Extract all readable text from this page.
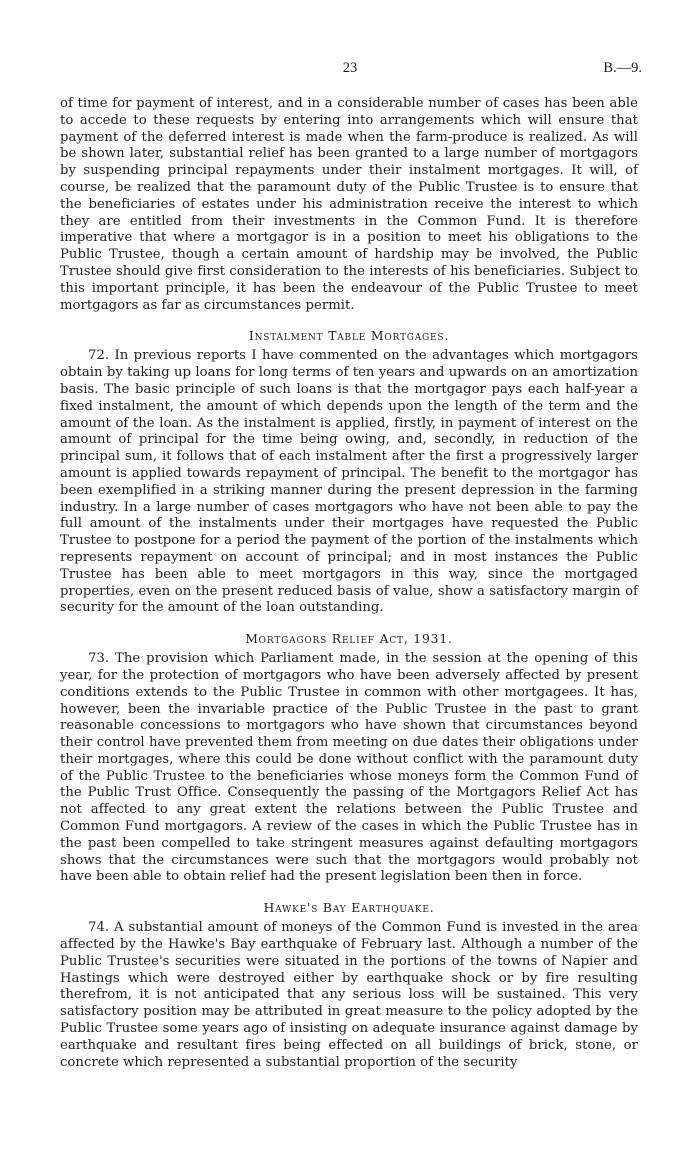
23	B.—9.

of time for payment of interest, and in a considerable number of cases has been able to accede to these requests by entering into arrangements which will ensure that payment of the deferred interest is made when the farm-produce is realized. As will be shown later, substantial relief has been granted to a large number of mortgagors by suspending principal repayments under their instalment mortgages. It will, of course, be realized that the paramount duty of the Public Trustee is to ensure that the beneficiaries of estates under his administration receive the interest to which they are entitled from their investments in the Common Fund. It is therefore imperative that where a mortgagor is in a position to meet his obligations to the Public Trustee, though a certain amount of hardship may be involved, the Public Trustee should give first consideration to the interests of his beneficiaries. Subject to this important principle, it has been the endeavour of the Public Trustee to meet mortgagors as far as circumstances permit.

Instalment Table Mortgages.

72. In previous reports I have commented on the advantages which mortgagors obtain by taking up loans for long terms of ten years and upwards on an amortization basis. The basic principle of such loans is that the mortgagor pays each half-year a fixed instalment, the amount of which depends upon the length of the term and the amount of the loan. As the instalment is applied, firstly, in payment of interest on the amount of principal for the time being owing, and, secondly, in reduction of the principal sum, it follows that of each instalment after the first a progressively larger amount is applied towards repayment of principal. The benefit to the mortgagor has been exemplified in a striking manner during the present depression in the farming industry. In a large number of cases mortgagors who have not been able to pay the full amount of the instalments under their mortgages have requested the Public Trustee to postpone for a period the payment of the portion of the instalments which represents repayment on account of principal; and in most instances the Public Trustee has been able to meet mortgagors in this way, since the mortgaged properties, even on the present reduced basis of value, show a satisfactory margin of security for the amount of the loan outstanding.

Mortgagors Relief Act, 1931.

73. The provision which Parliament made, in the session at the opening of this year, for the protection of mortgagors who have been adversely affected by present conditions extends to the Public Trustee in common with other mortgagees. It has, however, been the invariable practice of the Public Trustee in the past to grant reasonable concessions to mortgagors who have shown that circumstances beyond their control have prevented them from meeting on due dates their obligations under their mortgages, where this could be done without conflict with the paramount duty of the Public Trustee to the beneficiaries whose moneys form the Common Fund of the Public Trust Office. Consequently the passing of the Mortgagors Relief Act has not affected to any great extent the relations between the Public Trustee and Common Fund mortgagors. A review of the cases in which the Public Trustee has in the past been compelled to take stringent measures against defaulting mortgagors shows that the circumstances were such that the mortgagors would probably not have been able to obtain relief had the present legislation been then in force.

Hawke's Bay Earthquake.

74. A substantial amount of moneys of the Common Fund is invested in the area affected by the Hawke's Bay earthquake of February last. Although a number of the Public Trustee's securities were situated in the portions of the towns of Napier and Hastings which were destroyed either by earthquake shock or by fire resulting therefrom, it is not anticipated that any serious loss will be sustained. This very satisfactory position may be attributed in great measure to the policy adopted by the Public Trustee some years ago of insisting on adequate insurance against damage by earthquake and resultant fires being effected on all buildings of brick, stone, or concrete which represented a substantial proportion of the security
